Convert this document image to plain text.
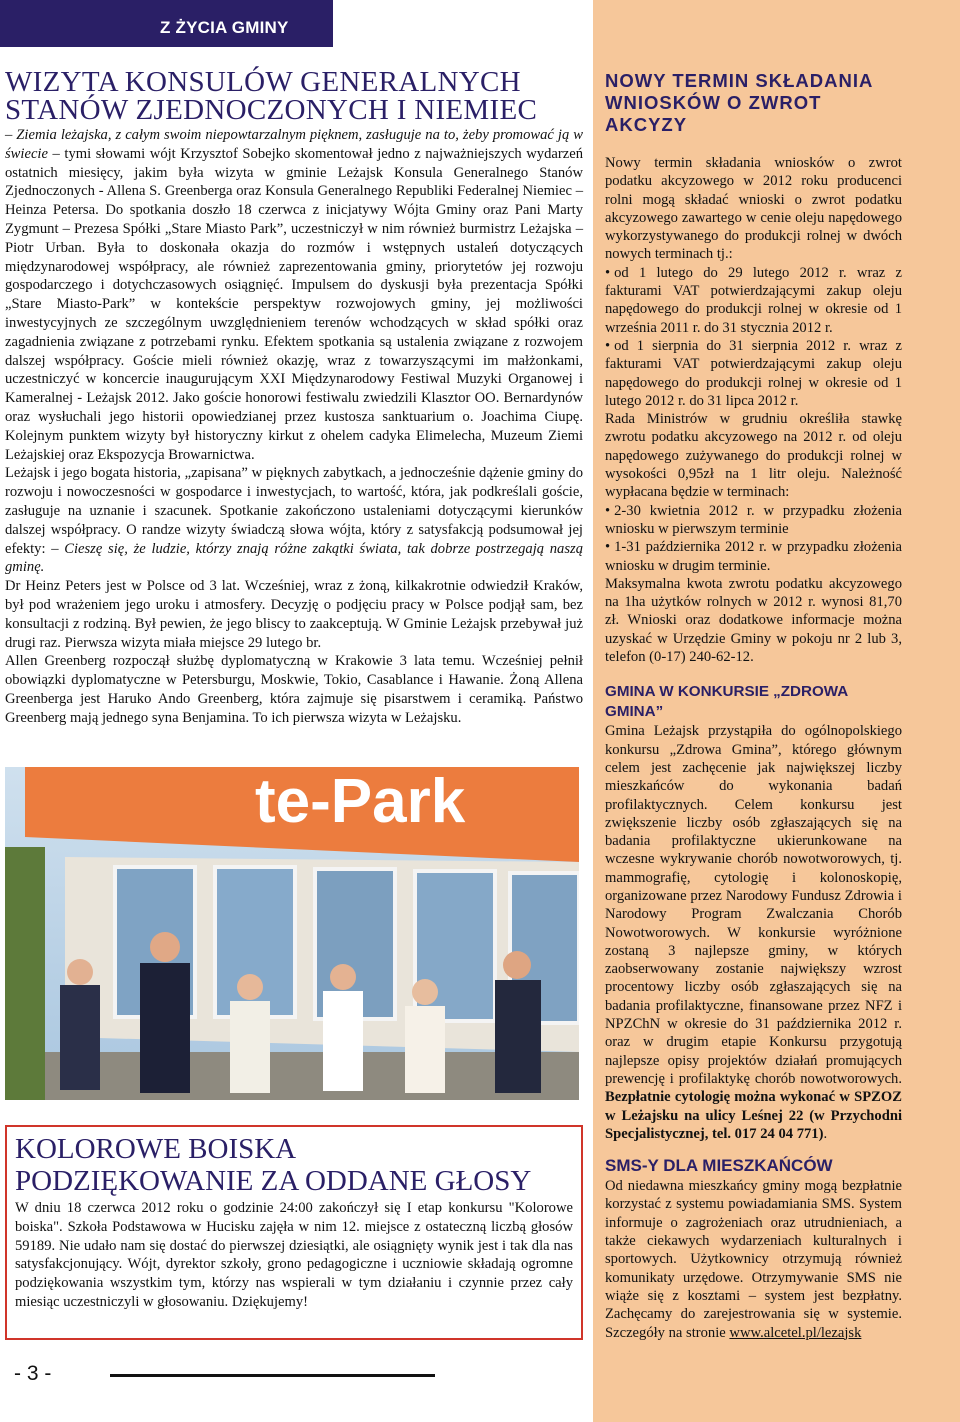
Z ŻYCIA GMINY
WIZYTA KONSULÓW GENERALNYCH
STANÓW ZJEDNOCZONYCH I NIEMIEC

– Ziemia leżajska, z całym swoim niepowtarzalnym pięknem, zasługuje na to, żeby promować ją w świecie – tymi słowami wójt Krzysztof Sobejko skomentował jedno z najważniejszych wydarzeń ostatnich miesięcy, jakim była wizyta w gminie Leżajsk Konsula Generalnego Stanów Zjednoczonych - Allena S. Greenberga oraz Konsula Generalnego Republiki Federalnej Niemiec – Heinza Petersa. Do spotkania doszło 18 czerwca z inicjatywy Wójta Gminy oraz Pani Marty Zygmunt – Prezesa Spółki „Stare Miasto Park”, uczestniczył w nim również burmistrz Leżajska – Piotr Urban. Była to doskonała okazja do rozmów i wstępnych ustaleń dotyczących międzynarodowej współpracy, ale również zaprezentowania gminy, priorytetów jej rozwoju gospodarczego i dotychczasowych osiągnięć. Impulsem do dyskusji była prezentacja Spółki „Stare Miasto-Park” w kontekście perspektyw rozwojowych gminy, jej możliwości inwestycyjnych ze szczególnym uwzględnieniem terenów wchodzących w skład spółki oraz zagadnienia związane z potrzebami rynku. Efektem spotkania są ustalenia związane z rozwojem dalszej współpracy. Goście mieli również okazję, wraz z towarzyszącymi im małżonkami, uczestniczyć w koncercie inaugurującym XXI Międzynarodowy Festiwal Muzyki Organowej i Kameralnej - Leżajsk 2012. Jako goście honorowi festiwalu zwiedzili Klasztor OO. Bernardynów oraz wysłuchali jego historii opowiedzianej przez kustosza sanktuarium o. Joachima Ciupę. Kolejnym punktem wizyty był historyczny kirkut z ohelem cadyka Elimelecha, Muzeum Ziemi Leżajskiej oraz Ekspozycja Browarnictwa.

Leżajsk i jego bogata historia, „zapisana” w pięknych zabytkach, a jednocześnie dążenie gminy do rozwoju i nowoczesności w gospodarce i inwestycjach, to wartość, która, jak podkreślali goście, zasługuje na uznanie i szacunek. Spotkanie zakończono ustaleniami dotyczącymi kierunków dalszej współpracy. O randze wizyty świadczą słowa wójta, który z satysfakcją podsumował jej efekty: – Cieszę się, że ludzie, którzy znają różne zakątki świata, tak dobrze postrzegają naszą gminę.

Dr Heinz Peters jest w Polsce od 3 lat. Wcześniej, wraz z żoną, kilkakrotnie odwiedził Kraków, był pod wrażeniem jego uroku i atmosfery. Decyzję o podjęciu pracy w Polsce podjął sam, bez konsultacji z rodziną. Był pewien, że jego bliscy to zaakceptują. W Gminie Leżajsk przebywał już drugi raz. Pierwsza wizyta miała miejsce 29 lutego br.

Allen Greenberg rozpoczął służbę dyplomatyczną w Krakowie 3 lata temu. Wcześniej pełnił obowiązki dyplomatyczne w Petersburgu, Moskwie, Tokio, Casablance i Hawanie. Żoną Allena Greenberga jest Haruko Ando Greenberg, która zajmuje się pisarstwem i ceramiką. Państwo Greenberg mają jednego syna Benjamina. To ich pierwsza wizyta w Leżajsku.

te-Park
KOLOROWE BOISKA
PODZIĘKOWANIE ZA ODDANE GŁOSY

W dniu 18 czerwca 2012 roku o godzinie 24:00 zakończył się I etap konkursu "Kolorowe boiska". Szkoła Podstawowa w Hucisku zajęła w nim 12. miejsce z ostateczną liczbą głosów 59189. Nie udało nam się dostać do pierwszej dziesiątki, ale osiągnięty wynik jest i tak dla nas satysfakcjonujący. Wójt, dyrektor szkoły, grono pedagogiczne i uczniowie składają ogromne podziękowania wszystkim tym, którzy nas wspierali w tym działaniu i czynnie przez cały miesiąc uczestniczyli w głosowaniu. Dziękujemy!

- 3 -
NOWY TERMIN SKŁADANIA
WNIOSKÓW O ZWROT AKCYZY

Nowy termin składania wniosków o zwrot podatku akcyzowego w 2012 roku producenci rolni mogą składać wnioski o zwrot podatku akcyzowego zawartego w cenie oleju napędowego wykorzystywanego do produkcji rolnej w dwóch nowych terminach tj.:

• od 1 lutego do 29 lutego 2012 r. wraz z fakturami VAT potwierdzającymi zakup oleju napędowego do produkcji rolnej w okresie od 1 września 2011 r. do 31 stycznia 2012 r.

• od 1 sierpnia do 31 sierpnia 2012 r. wraz z fakturami VAT potwierdzającymi zakup oleju napędowego do produkcji rolnej w okresie od 1 lutego 2012 r. do 31 lipca 2012 r.

Rada Ministrów w grudniu określiła stawkę zwrotu podatku akcyzowego na 2012 r. od oleju napędowego zużywanego do produkcji rolnej w wysokości 0,95zł na 1 litr oleju. Należność wypłacana będzie w terminach:

• 2-30 kwietnia 2012 r. w przypadku złożenia wniosku w pierwszym terminie

• 1-31 października 2012 r. w przypadku złożenia wniosku w drugim terminie.

Maksymalna kwota zwrotu podatku akcyzowego na 1ha użytków rolnych w 2012 r. wynosi 81,70 zł. Wnioski oraz dodatkowe informacje można uzyskać w Urzędzie Gminy w pokoju nr 2 lub 3, telefon (0-17) 240-62-12.

GMINA W KONKURSIE „ZDROWA GMINA”

Gmina Leżajsk przystąpiła do ogólnopolskiego konkursu „Zdrowa Gmina”, którego głównym celem jest zachęcenie jak największej liczby mieszkańców do wykonania badań profilaktycznych. Celem konkursu jest zwiększenie liczby osób zgłaszających się na badania profilaktyczne ukierunkowane na wczesne wykrywanie chorób nowotworowych, tj. mammografię, cytologię i kolonoskopię, organizowane przez Narodowy Fundusz Zdrowia i Narodowy Program Zwalczania Chorób Nowotworowych. W konkursie wyróżnione zostaną 3 najlepsze gminy, w których zaobserwowany zostanie największy wzrost procentowy liczby osób zgłaszających się na badania profilaktyczne, finansowane przez NFZ i NPZChN w okresie do 31 października 2012 r. oraz w drugim etapie Konkursu przygotują najlepsze opisy projektów działań promujących prewencję i profilaktykę chorób nowotworowych. Bezpłatnie cytologię można wykonać w SPZOZ w Leżajsku na ulicy Leśnej 22 (w Przychodni Specjalistycznej, tel. 017 24 04 771).

SMS-Y DLA MIESZKAŃCÓW

Od niedawna mieszkańcy gminy mogą bezpłatnie korzystać z systemu powiadamiania SMS. System informuje o zagrożeniach oraz utrudnieniach, a także ciekawych wydarzeniach kulturalnych i sportowych. Użytkownicy otrzymują również komunikaty urzędowe. Otrzymywanie SMS nie wiąże się z kosztami – system jest bezpłatny. Zachęcamy do zarejestrowania się w systemie. Szczegóły na stronie www.alcetel.pl/lezajsk
